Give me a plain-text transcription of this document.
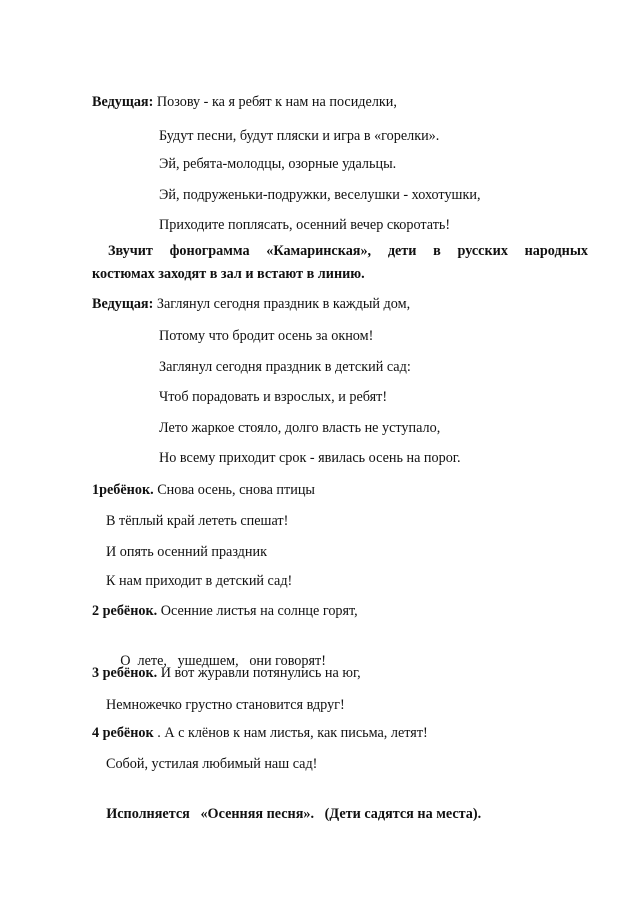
Ведущая: Позову - ка я ребят к нам на посиделки,
Будут песни, будут пляски и игра в «горелки».
Эй, ребята-молодцы, озорные удальцы.
Эй, подруженьки-подружки, веселушки - хохотушки,
Приходите поплясать, осенний вечер скоротать!
Звучит фонограмма «Камаринская», дети в русских народных
костюмах заходят в зал и встают в линию.
Ведущая: Заглянул сегодня праздник в каждый дом,
Потому что бродит осень за окном!
Заглянул сегодня праздник в детский сад:
Чтоб порадовать и взрослых, и ребят!
Лето жаркое стояло, долго власть не уступало,
Но всему приходит срок - явилась осень на порог.
1ребёнок. Снова осень, снова птицы
В тёплый край лететь спешат!
И опять осенний праздник
К нам приходит в детский сад!
2 ребёнок. Осенние листья на солнце горят,

О  лете,   ушедшем,   они говорят!

3 ребёнок. И вот журавли потянулись на юг,
Немножечко грустно становится вдруг!
4 ребёнок . А с клёнов к нам листья, как письма, летят!
Собой, устилая любимый наш сад!

Исполняется   «Осенняя песня».   (Дети садятся на места).
